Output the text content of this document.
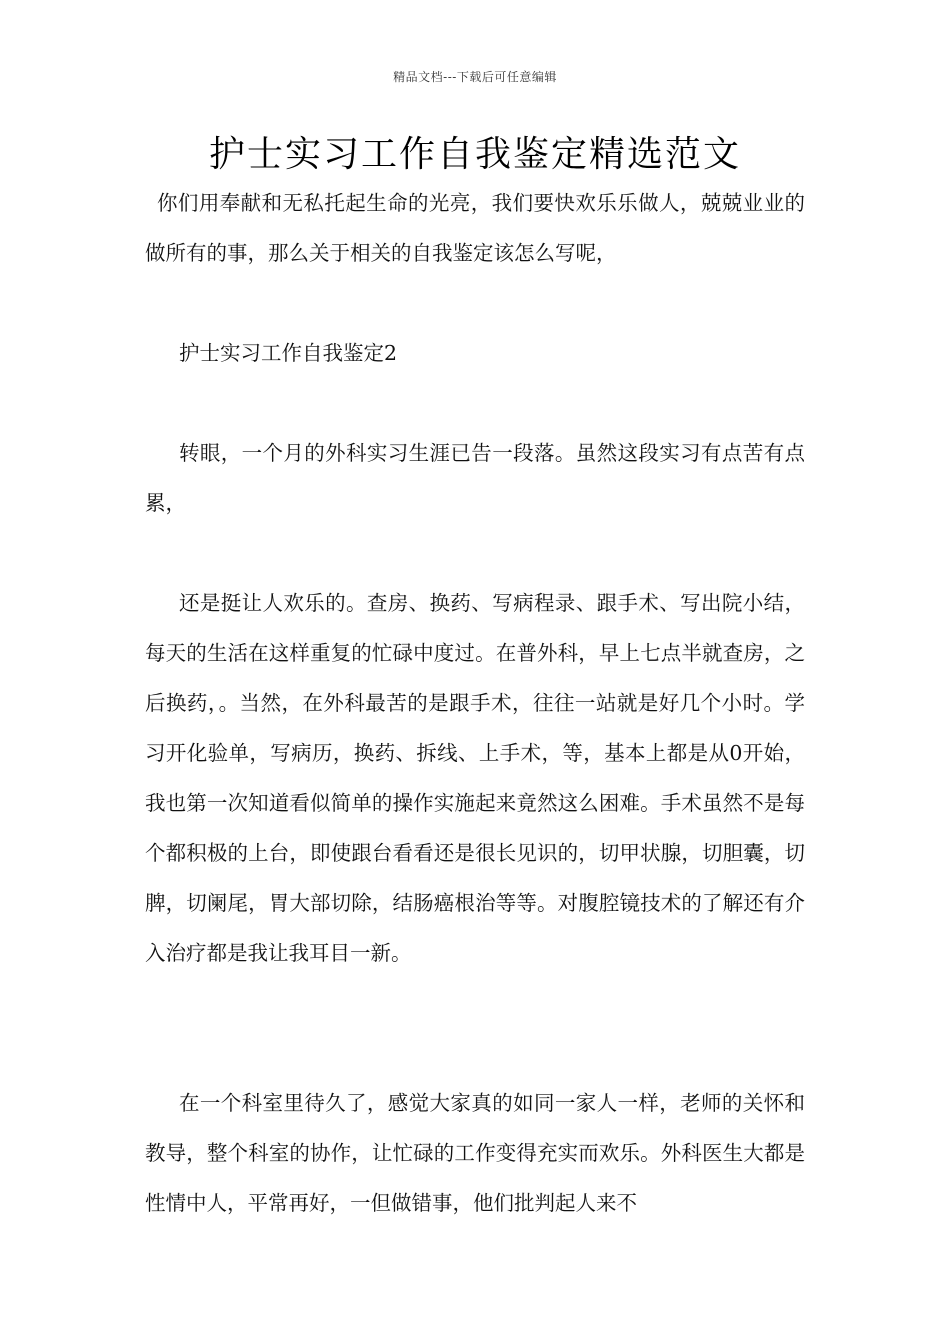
精品文档---下载后可任意编辑
护士实习工作自我鉴定精选范文

你们用奉献和无私托起生命的光亮，我们要快欢乐乐做人，兢兢业业的做所有的事，那么关于相关的自我鉴定该怎么写呢，

护士实习工作自我鉴定2

转眼，一个月的外科实习生涯已告一段落。虽然这段实习有点苦有点累，

还是挺让人欢乐的。查房、换药、写病程录、跟手术、写出院小结，每天的生活在这样重复的忙碌中度过。在普外科，早上七点半就查房，之后换药，。当然，在外科最苦的是跟手术，往往一站就是好几个小时。学习开化验单，写病历，换药、拆线、上手术，等，基本上都是从0开始，我也第一次知道看似简单的操作实施起来竟然这么困难。手术虽然不是每个都积极的上台，即使跟台看看还是很长见识的，切甲状腺，切胆囊，切脾，切阑尾，胃大部切除，结肠癌根治等等。对腹腔镜技术的了解还有介入治疗都是我让我耳目一新。

在一个科室里待久了，感觉大家真的如同一家人一样，老师的关怀和教导，整个科室的协作，让忙碌的工作变得充实而欢乐。外科医生大都是性情中人，平常再好，一但做错事，他们批判起人来不
